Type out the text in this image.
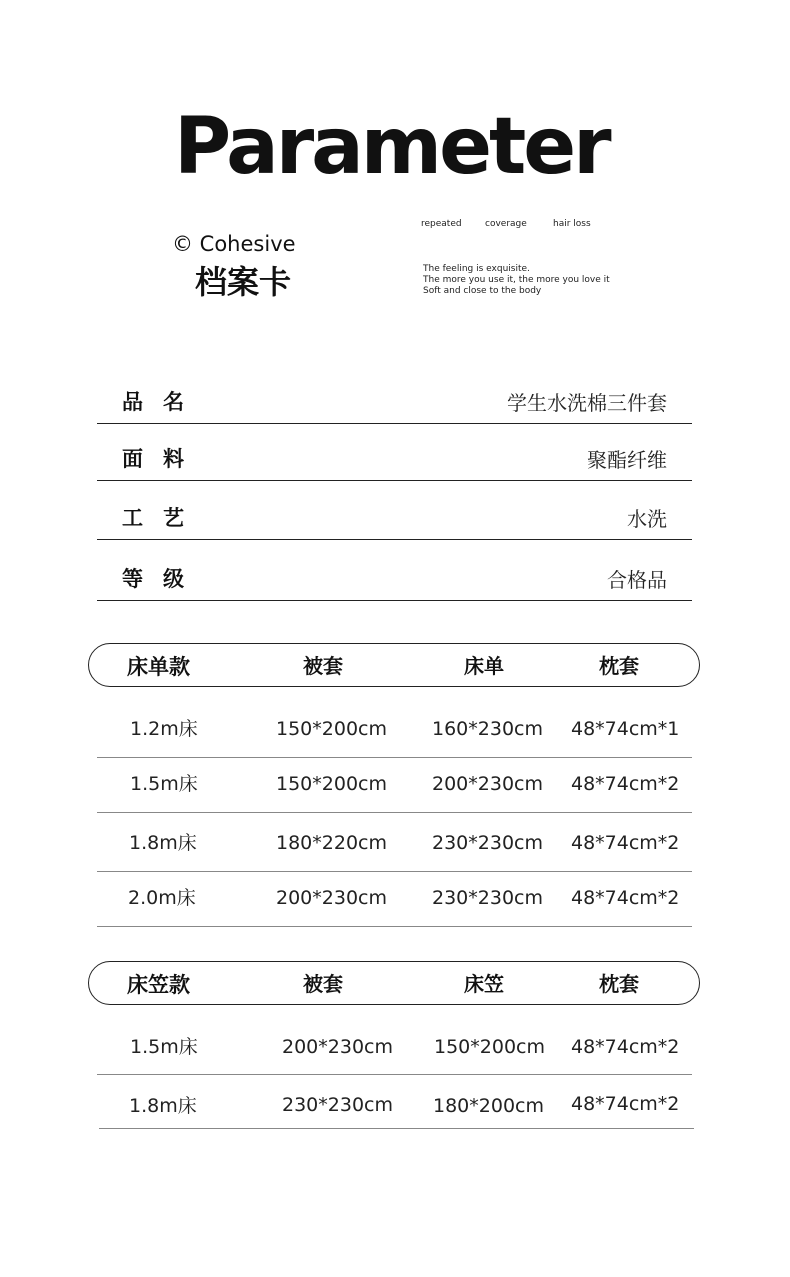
Parameter
© Cohesive
档案卡
repeated	coverage	hair loss
The feeling is exquisite.
The more you use it, the more you love it
Soft and close to the body
品名	学生水洗棉三件套
面料	聚酯纤维
工艺	水洗
等级	合格品
床单款	被套	床单	枕套
1.2m床	150*200cm 160*230cm 48*74cm*1
1.5m床	150*200cm 200*230cm 48*74cm*2
1.8m床	180*220cm 230*230cm 48*74cm*2
2.0m床	200*230cm 230*230cm 48*74cm*2
床笠款	被套	床笠	枕套
1.5m床	200*230cm 150*200cm 48*74cm*2
1.8m床	230*230cm 180*200cm 48*74cm*2
